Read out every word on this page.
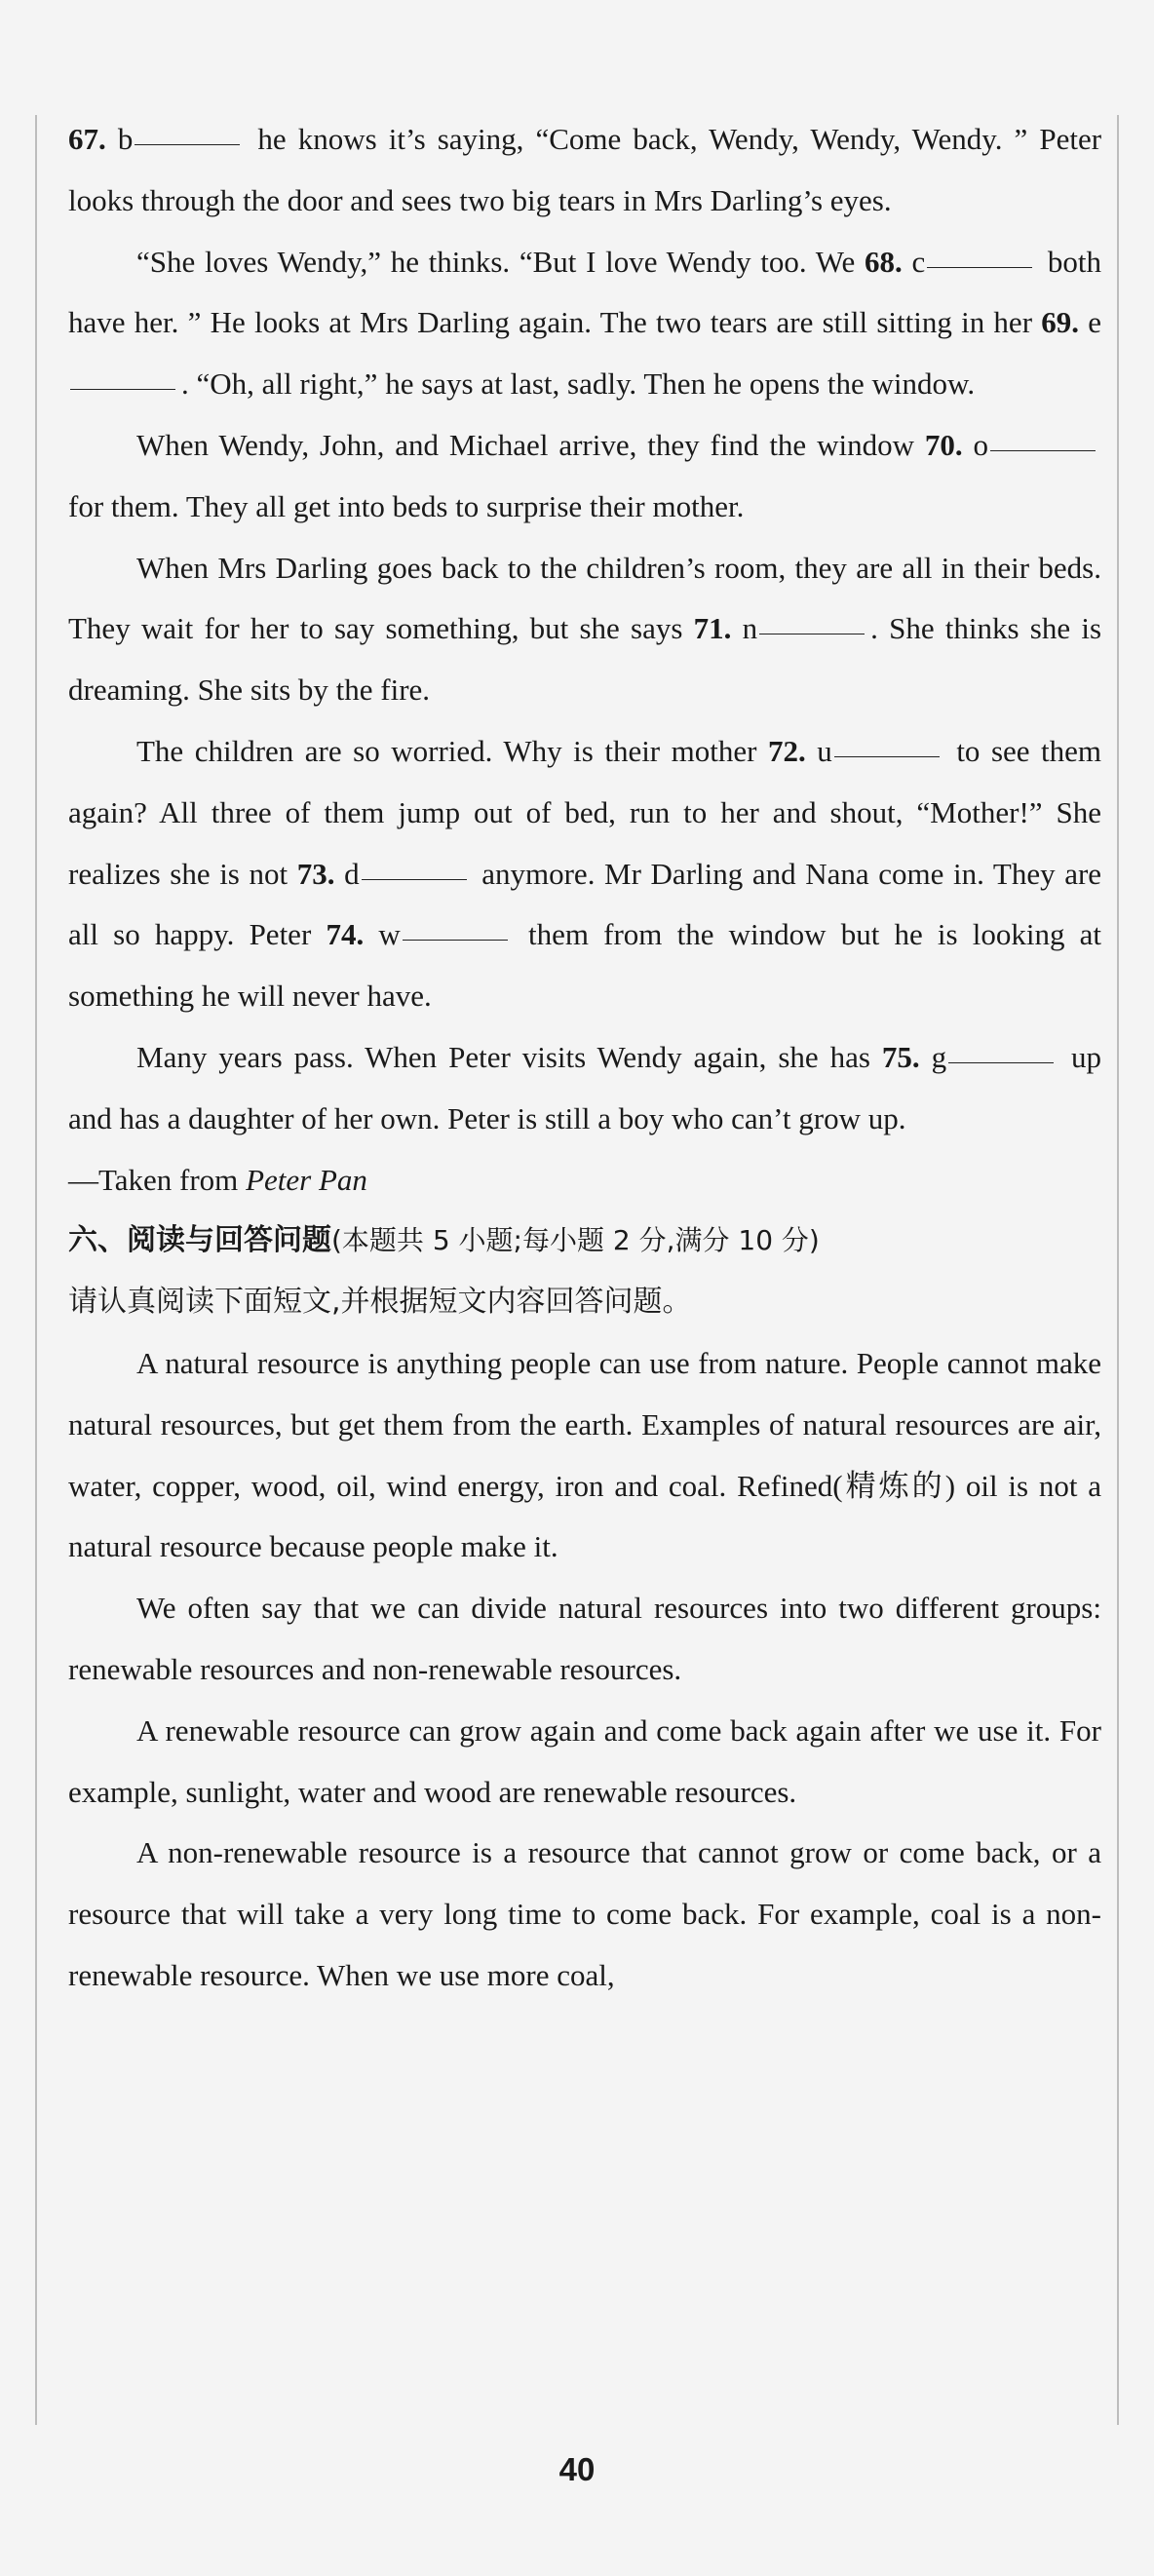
67. b	he knows it’s saying, “Come back, Wendy, Wendy, Wendy. ” Peter looks through the door and sees two big tears in Mrs Darling’s eyes.

“She loves Wendy,” he thinks. “But I love Wendy too. We 68. c	both have her. ” He looks at Mrs Darling again. The two tears are still sitting in her 69. e. “Oh, all right,” he says at last, sadly. Then he opens the window.

When Wendy, John, and Michael arrive, they find the window 70. o for them. They all get into beds to surprise their mother.

When Mrs Darling goes back to the children’s room, they are all in their beds. They wait for her to say something, but she says 71. n	. She thinks she is dreaming. She sits by the fire.

The children are so worried. Why is their mother 72. u	to see them again? All three of them jump out of bed, run to her and shout, “Mother!” She realizes she is not 73. d	anymore. Mr Darling and Nana come in. They are all so happy. Peter 74. w	them from the window but he is looking at something he will never have.

Many years pass. When Peter visits Wendy again, she has 75. g	up and has a daughter of her own. Peter is still a boy who can’t grow up.

—Taken from Peter Pan

六、阅读与回答问题(本题共 5 小题;每小题 2 分,满分 10 分)
请认真阅读下面短文,并根据短文内容回答问题。

A natural resource is anything people can use from nature. People cannot make natural resources, but get them from the earth. Examples of natural resources are air, water, copper, wood, oil, wind energy, iron and coal. Refined(精炼的) oil is not a natural resource because people make it.

We often say that we can divide natural resources into two different groups: renewable resources and non-renewable resources.

A renewable resource can grow again and come back again after we use it. For example, sunlight, water and wood are renewable resources.

A non-renewable resource is a resource that cannot grow or come back, or a resource that will take a very long time to come back. For example, coal is a non-renewable resource. When we use more coal,

40
